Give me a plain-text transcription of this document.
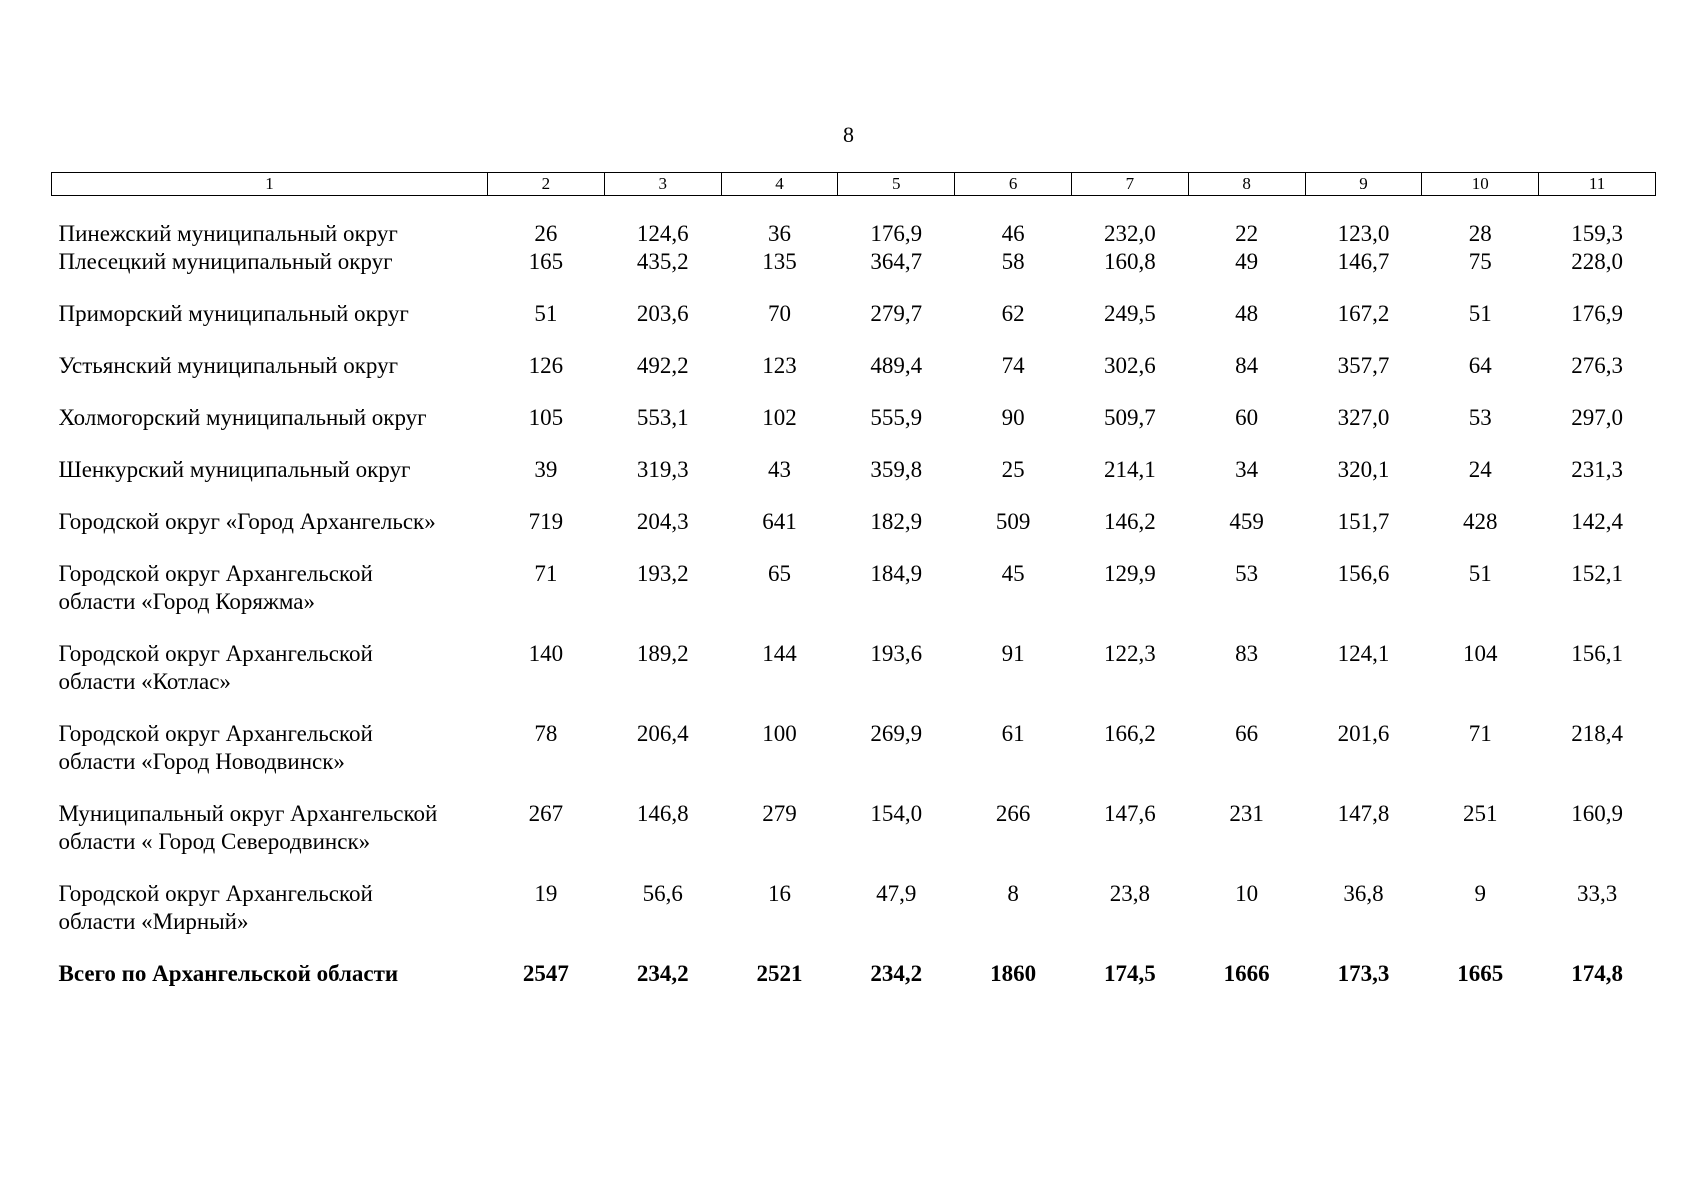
8
1	2	3	4	5	6	7	8	9	10	11

Пинежский муниципальный округ	26	124,6	36	176,9	46	232,0	22	123,0	28	159,3

Плесецкий муниципальный округ	165	435,2	135	364,7	58	160,8	49	146,7	75	228,0

Приморский муниципальный округ	51	203,6	70	279,7	62	249,5	48	167,2	51	176,9

Устьянский муниципальный округ	126	492,2	123	489,4	74	302,6	84	357,7	64	276,3

Холмогорский муниципальный округ	105	553,1	102	555,9	90	509,7	60	327,0	53	297,0

Шенкурский муниципальный округ	39	319,3	43	359,8	25	214,1	34	320,1	24	231,3

Городской округ «Город Архангельск»	719	204,3	641	182,9	509	146,2	459	151,7	428	142,4

Городской округ Архангельской
области «Город Коряжма»	71	193,2	65	184,9	45	129,9	53	156,6	51	152,1

Городской округ Архангельской
области «Котлас»	140	189,2	144	193,6	91	122,3	83	124,1	104	156,1

Городской округ Архангельской
области «Город Новодвинск»	78	206,4	100	269,9	61	166,2	66	201,6	71	218,4

Муниципальный округ Архангельской
области « Город Северодвинск»	267	146,8	279	154,0	266	147,6	231	147,8	251	160,9

Городской округ Архангельской
области «Мирный»	19	56,6	16	47,9	8	23,8	10	36,8	9	33,3
Всего по Архангельской области	2547	234,2	2521	234,2	1860	174,5	1666	173,3	1665	174,8
